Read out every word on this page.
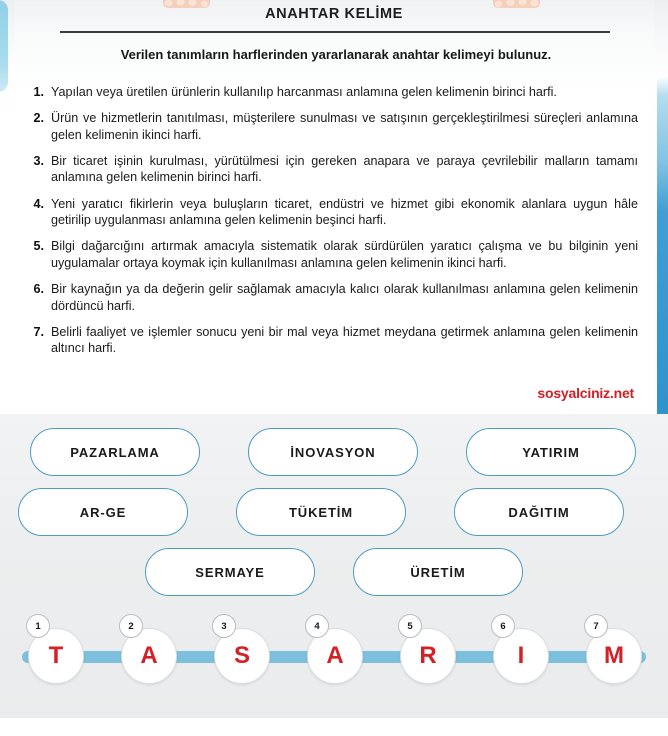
ANAHTAR KELİME
Verilen tanımların harflerinden yararlanarak anahtar kelimeyi bulunuz.
1. Yapılan veya üretilen ürünlerin kullanılıp harcanması anlamına gelen kelimenin birinci harfi.
2. Ürün ve hizmetlerin tanıtılması, müşterilere sunulması ve satışının gerçekleştirilmesi süreçleri anlamına gelen kelimenin ikinci harfi.
3. Bir ticaret işinin kurulması, yürütülmesi için gereken anapara ve paraya çevrilebilir malların tamamı anlamına gelen kelimenin birinci harfi.
4. Yeni yaratıcı fikirlerin veya buluşların ticaret, endüstri ve hizmet gibi ekonomik alanlara uygun hâle getirilip uygulanması anlamına gelen kelimenin beşinci harfi.
5. Bilgi dağarcığını artırmak amacıyla sistematik olarak sürdürülen yaratıcı çalışma ve bu bilginin yeni uygulamalar ortaya koymak için kullanılması anlamına gelen kelimenin ikinci harfi.
6. Bir kaynağın ya da değerin gelir sağlamak amacıyla kalıcı olarak kullanılması anlamına gelen kelimenin dördüncü harfi.
7. Belirli faaliyet ve işlemler sonucu yeni bir mal veya hizmet meydana getirmek anlamına gelen kelimenin altıncı harfi.
sosyalciniz.net
PAZARLAMA	İNOVASYON	YATIRIM
AR-GE	TÜKETİM	DAĞITIM
SERMAYE	ÜRETİM
T
1
A
2
S
3
A
4
R
5
I
6
M
7
